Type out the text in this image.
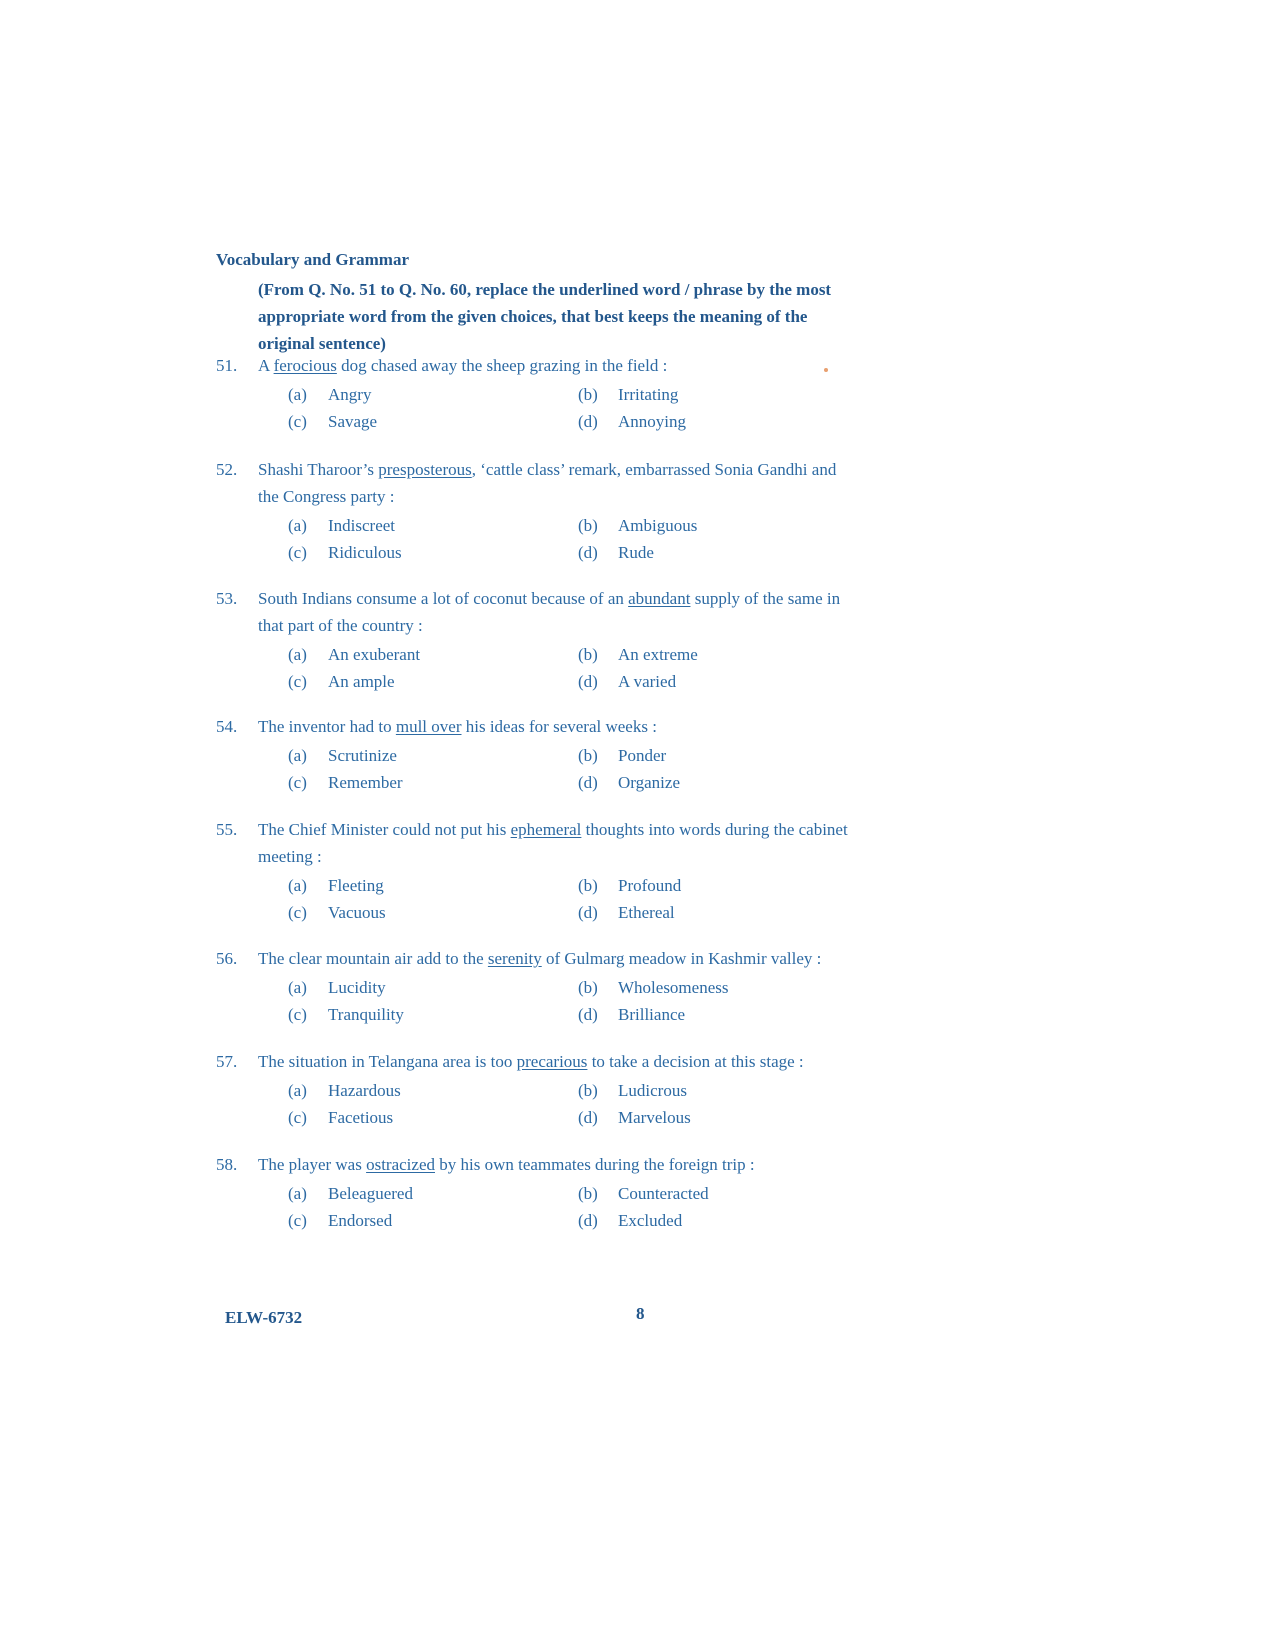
Vocabulary and Grammar
(From Q. No. 51 to Q. No. 60, replace the underlined word / phrase by the most appropriate word from the given choices, that best keeps the meaning of the original sentence)
51.	A ferocious dog chased away the sheep grazing in the field :
(a)	Angry	(b)	Irritating
(c)	Savage	(d)	Annoying
52.	Shashi Tharoor’s presposterous, ‘cattle class’ remark, embarrassed Sonia Gandhi and the Congress party :
(a)	Indiscreet	(b)	Ambiguous
(c)	Ridiculous	(d)	Rude
53.	South Indians consume a lot of coconut because of an abundant supply of the same in that part of the country :
(a)	An exuberant	(b)	An extreme
(c)	An ample	(d)	A varied
54.	The inventor had to mull over his ideas for several weeks :
(a)	Scrutinize	(b)	Ponder
(c)	Remember	(d)	Organize
55.	The Chief Minister could not put his ephemeral thoughts into words during the cabinet meeting :
(a)	Fleeting	(b)	Profound
(c)	Vacuous	(d)	Ethereal
56.	The clear mountain air add to the serenity of Gulmarg meadow in Kashmir valley :
(a)	Lucidity	(b)	Wholesomeness
(c)	Tranquility	(d)	Brilliance
57.	The situation in Telangana area is too precarious to take a decision at this stage :
(a)	Hazardous	(b)	Ludicrous
(c)	Facetious	(d)	Marvelous
58.	The player was ostracized by his own teammates during the foreign trip :
(a)	Beleaguered	(b)	Counteracted
(c)	Endorsed	(d)	Excluded
ELW-6732	8
